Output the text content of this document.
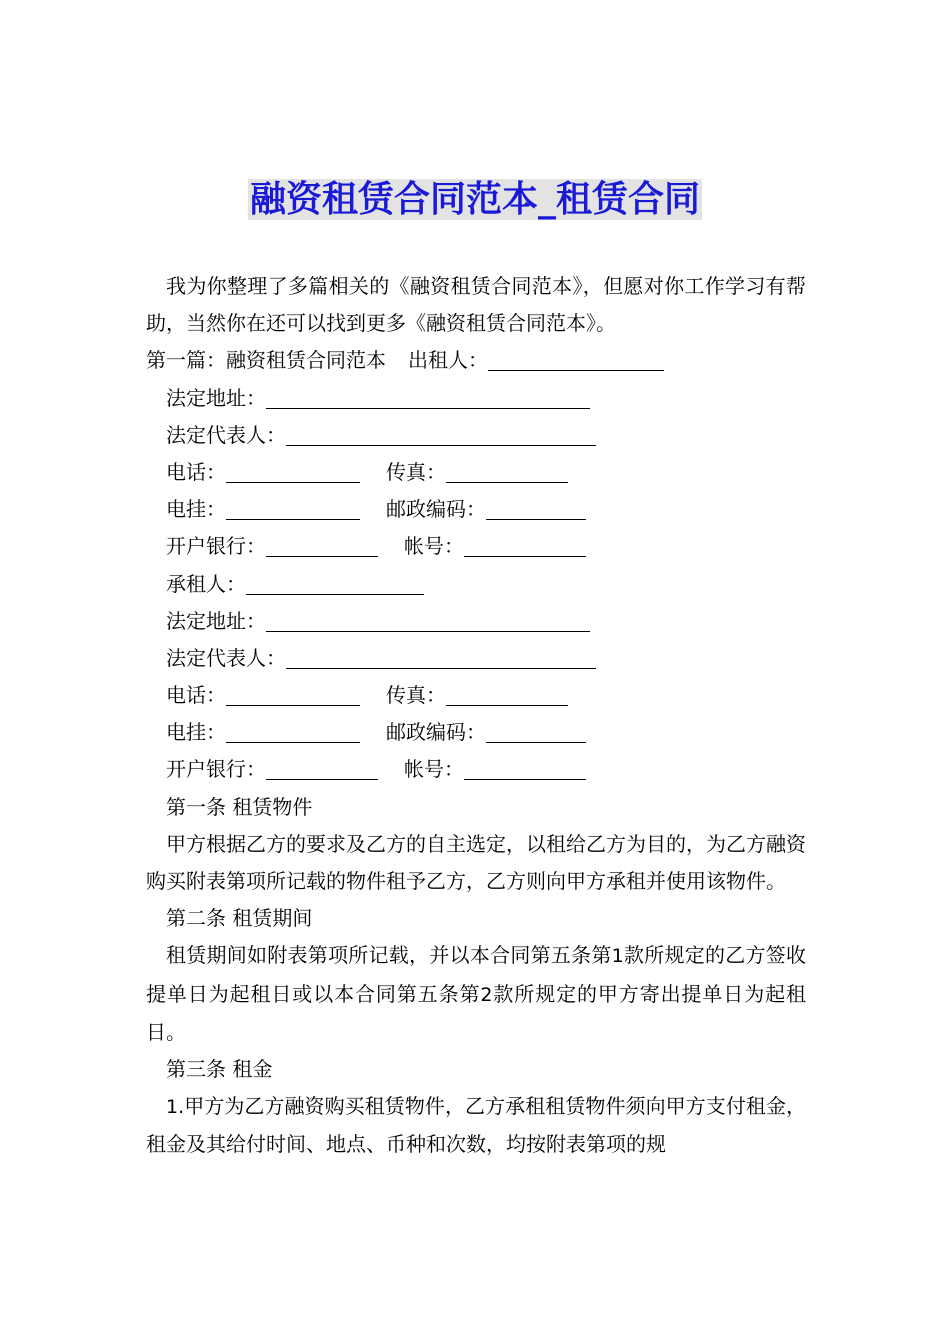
融资租赁合同范本_租赁合同

我为你整理了多篇相关的《融资租赁合同范本》，但愿对你工作学习有帮助，当然你在还可以找到更多《融资租赁合同范本》。

第一篇：融资租赁合同范本 出租人：

法定地址：

法定代表人：

电话：	传真：

电挂：	邮政编码：

开户银行：	帐号：

承租人：

法定地址：

法定代表人：

电话：	传真：

电挂：	邮政编码：

开户银行：	帐号：

第一条 租赁物件

甲方根据乙方的要求及乙方的自主选定，以租给乙方为目的，为乙方融资购买附表第项所记载的物件租予乙方，乙方则向甲方承租并使用该物件。

第二条 租赁期间

租赁期间如附表第项所记载，并以本合同第五条第1款所规定的乙方签收提单日为起租日或以本合同第五条第2款所规定的甲方寄出提单日为起租日。

第三条 租金

1.甲方为乙方融资购买租赁物件，乙方承租租赁物件须向甲方支付租金，租金及其给付时间、地点、币种和次数，均按附表第项的规
